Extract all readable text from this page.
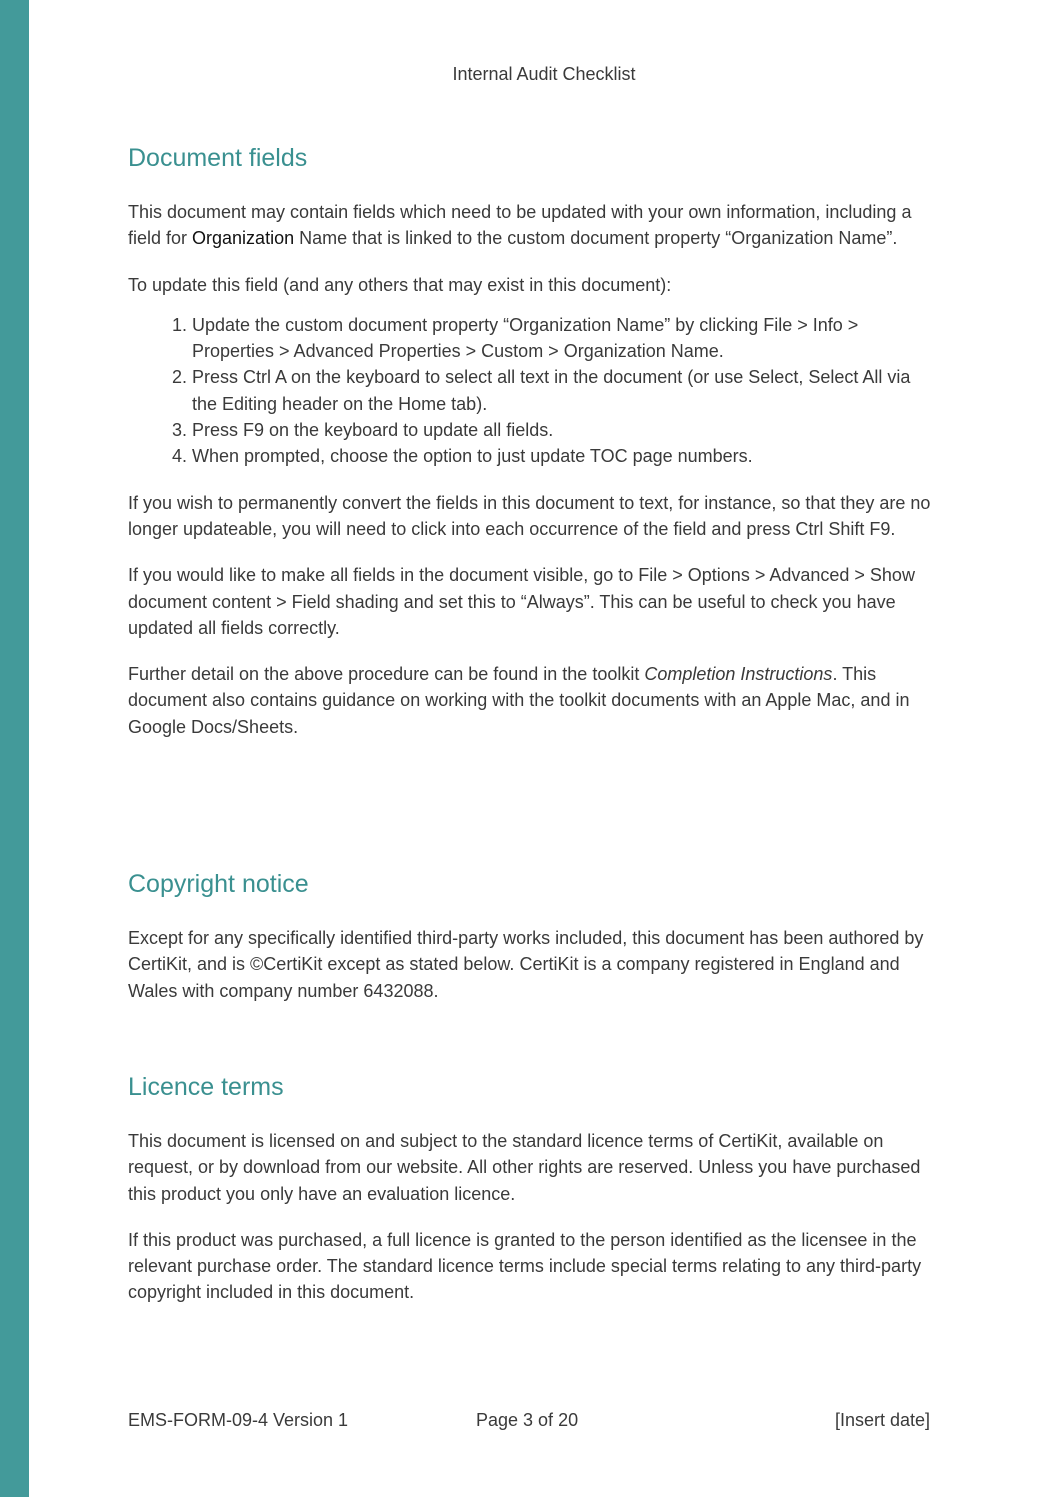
Internal Audit Checklist
Document fields

This document may contain fields which need to be updated with your own information, including a field for Organization Name that is linked to the custom document property “Organization Name”.

To update this field (and any others that may exist in this document):

1. Update the custom document property “Organization Name” by clicking File > Info > Properties > Advanced Properties > Custom > Organization Name.
2. Press Ctrl A on the keyboard to select all text in the document (or use Select, Select All via the Editing header on the Home tab).
3. Press F9 on the keyboard to update all fields.
4. When prompted, choose the option to just update TOC page numbers.

If you wish to permanently convert the fields in this document to text, for instance, so that they are no longer updateable, you will need to click into each occurrence of the field and press Ctrl Shift F9.

If you would like to make all fields in the document visible, go to File > Options > Advanced > Show document content > Field shading and set this to “Always”. This can be useful to check you have updated all fields correctly.

Further detail on the above procedure can be found in the toolkit Completion Instructions. This document also contains guidance on working with the toolkit documents with an Apple Mac, and in Google Docs/Sheets.

Copyright notice

Except for any specifically identified third-party works included, this document has been authored by CertiKit, and is ©CertiKit except as stated below. CertiKit is a company registered in England and Wales with company number 6432088.

Licence terms

This document is licensed on and subject to the standard licence terms of CertiKit, available on request, or by download from our website. All other rights are reserved. Unless you have purchased this product you only have an evaluation licence.

If this product was purchased, a full licence is granted to the person identified as the licensee in the relevant purchase order. The standard licence terms include special terms relating to any third-party copyright included in this document.

EMS-FORM-09-4 Version 1	Page 3 of 20	[Insert date]
